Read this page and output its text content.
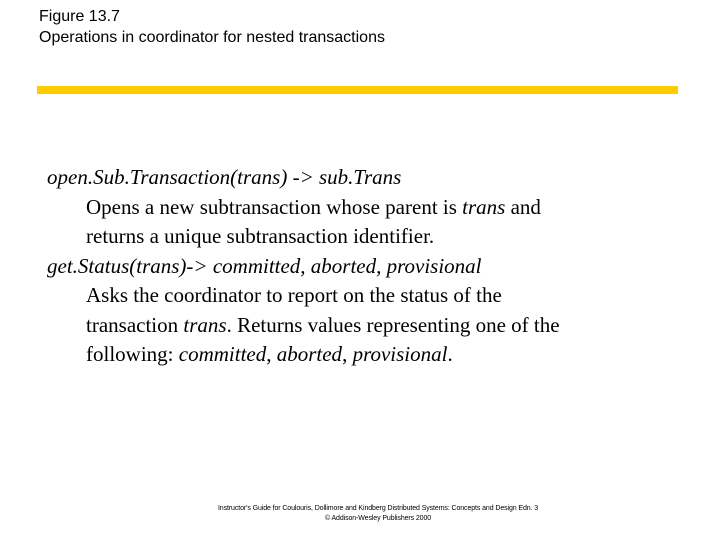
Figure 13.7
Operations in coordinator for nested transactions
open.Sub.Transaction(trans) -> sub.Trans
Opens a new subtransaction whose parent is trans and
returns a unique subtransaction identifier.
get.Status(trans)-> committed, aborted, provisional
Asks the coordinator to report on the status of the
transaction trans. Returns values representing one of the
following: committed, aborted, provisional.
Instructor's Guide for Coulouris, Dollimore and Kindberg Distributed Systems: Concepts and Design Edn. 3
© Addison-Wesley Publishers 2000
